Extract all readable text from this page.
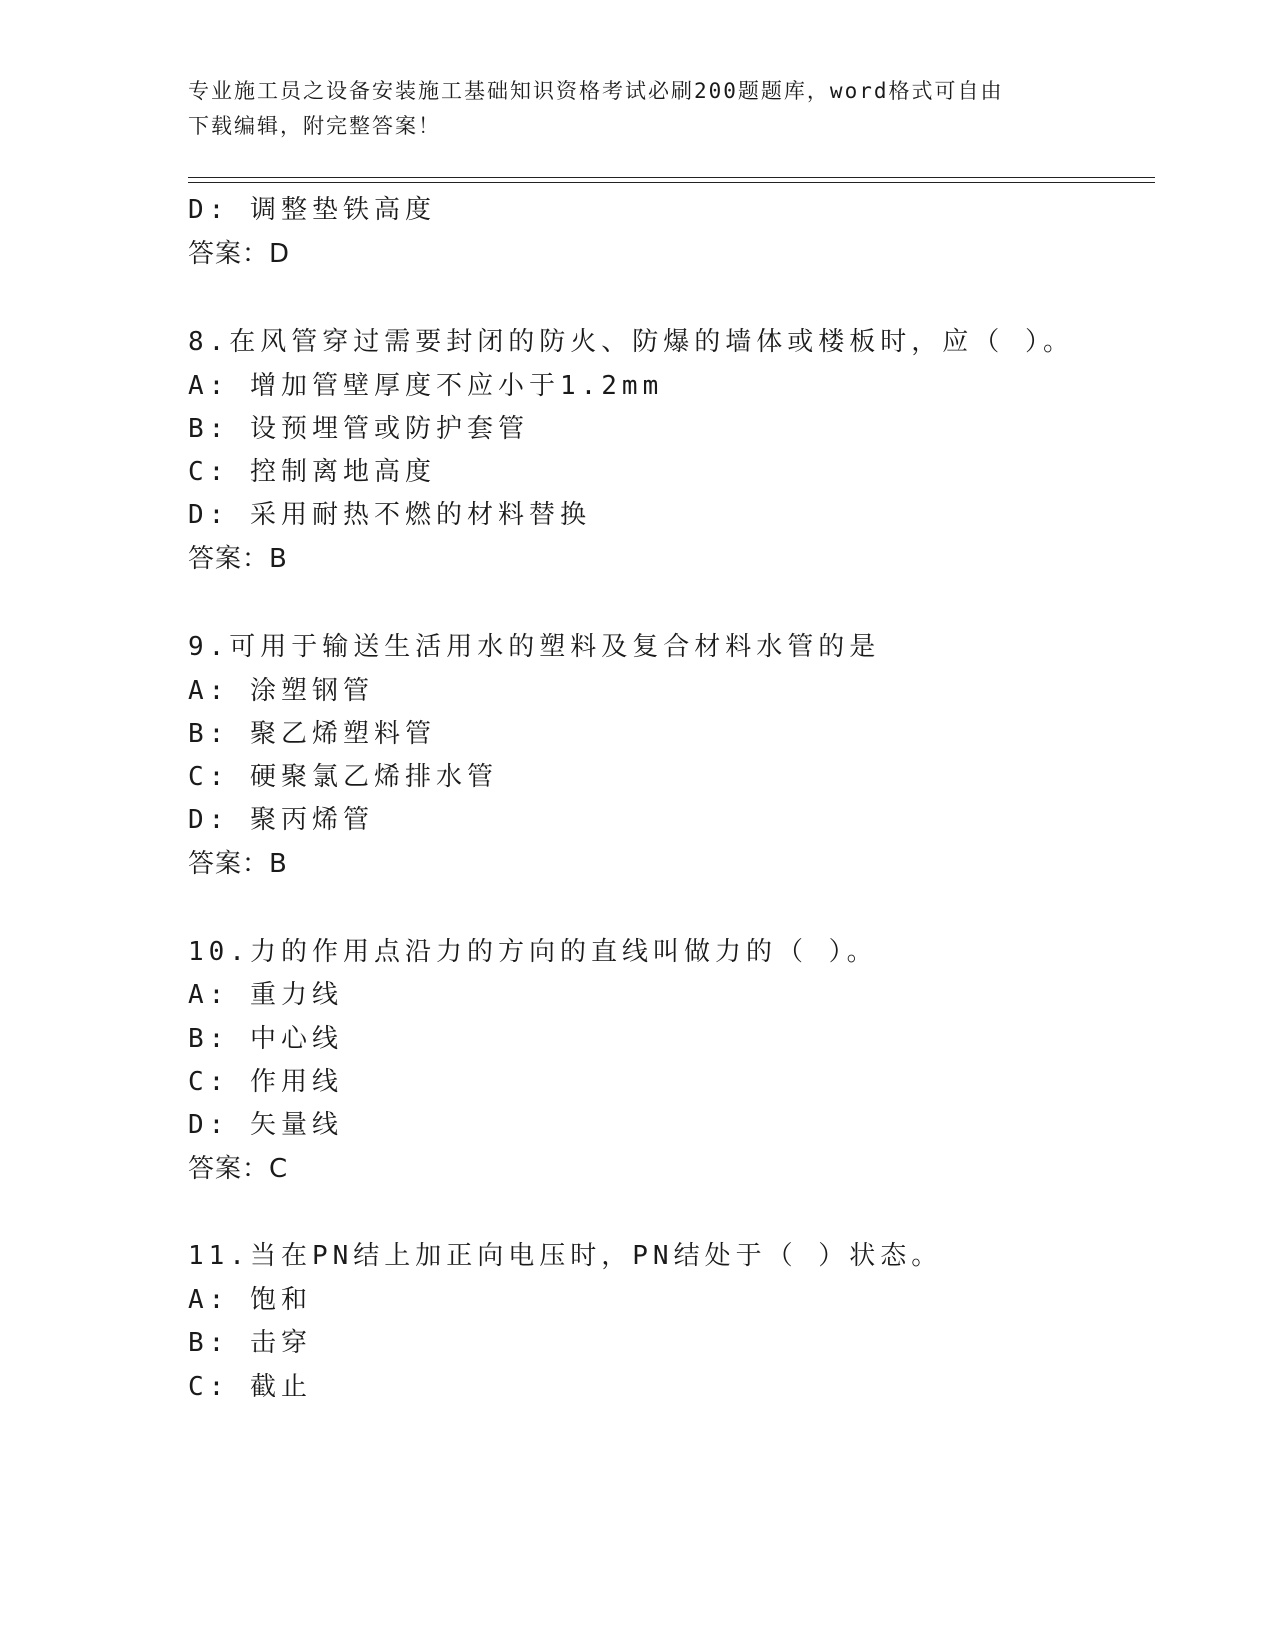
专业施工员之设备安装施工基础知识资格考试必刷200题题库，word格式可自由
下载编辑，附完整答案！
D: 调整垫铁高度
答案：D
8.在风管穿过需要封闭的防火、防爆的墙体或楼板时，应（ ）。
A: 增加管壁厚度不应小于1.2mm
B: 设预埋管或防护套管
C: 控制离地高度
D: 采用耐热不燃的材料替换
答案：B
9.可用于输送生活用水的塑料及复合材料水管的是
A: 涂塑钢管
B: 聚乙烯塑料管
C: 硬聚氯乙烯排水管
D: 聚丙烯管
答案：B
10.力的作用点沿力的方向的直线叫做力的（ ）。
A: 重力线
B: 中心线
C: 作用线
D: 矢量线
答案：C
11.当在PN结上加正向电压时，PN结处于（ ）状态。
A: 饱和
B: 击穿
C: 截止
